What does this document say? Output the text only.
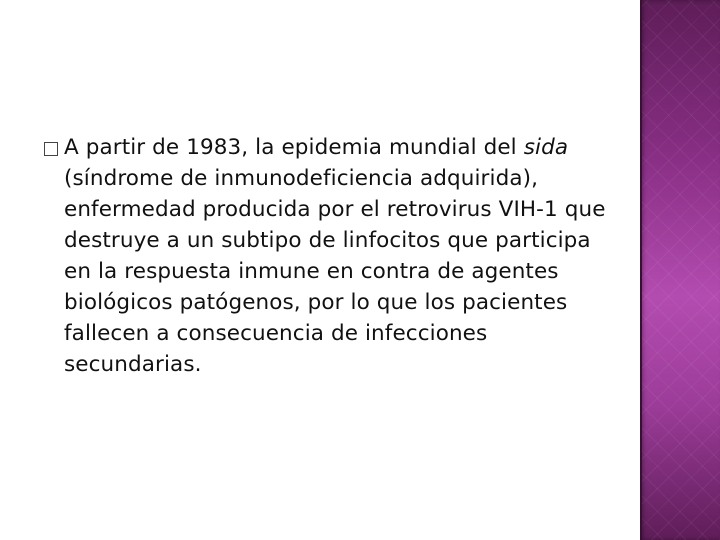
A partir de 1983, la epidemia mundial del sida (síndrome de inmunodeficiencia adquirida), enfermedad producida por el retrovirus VIH-1 que destruye a un subtipo de linfocitos que participa en la respuesta inmune en contra de agentes biológicos patógenos, por lo que los pacientes fallecen a consecuencia de infecciones secundarias.
